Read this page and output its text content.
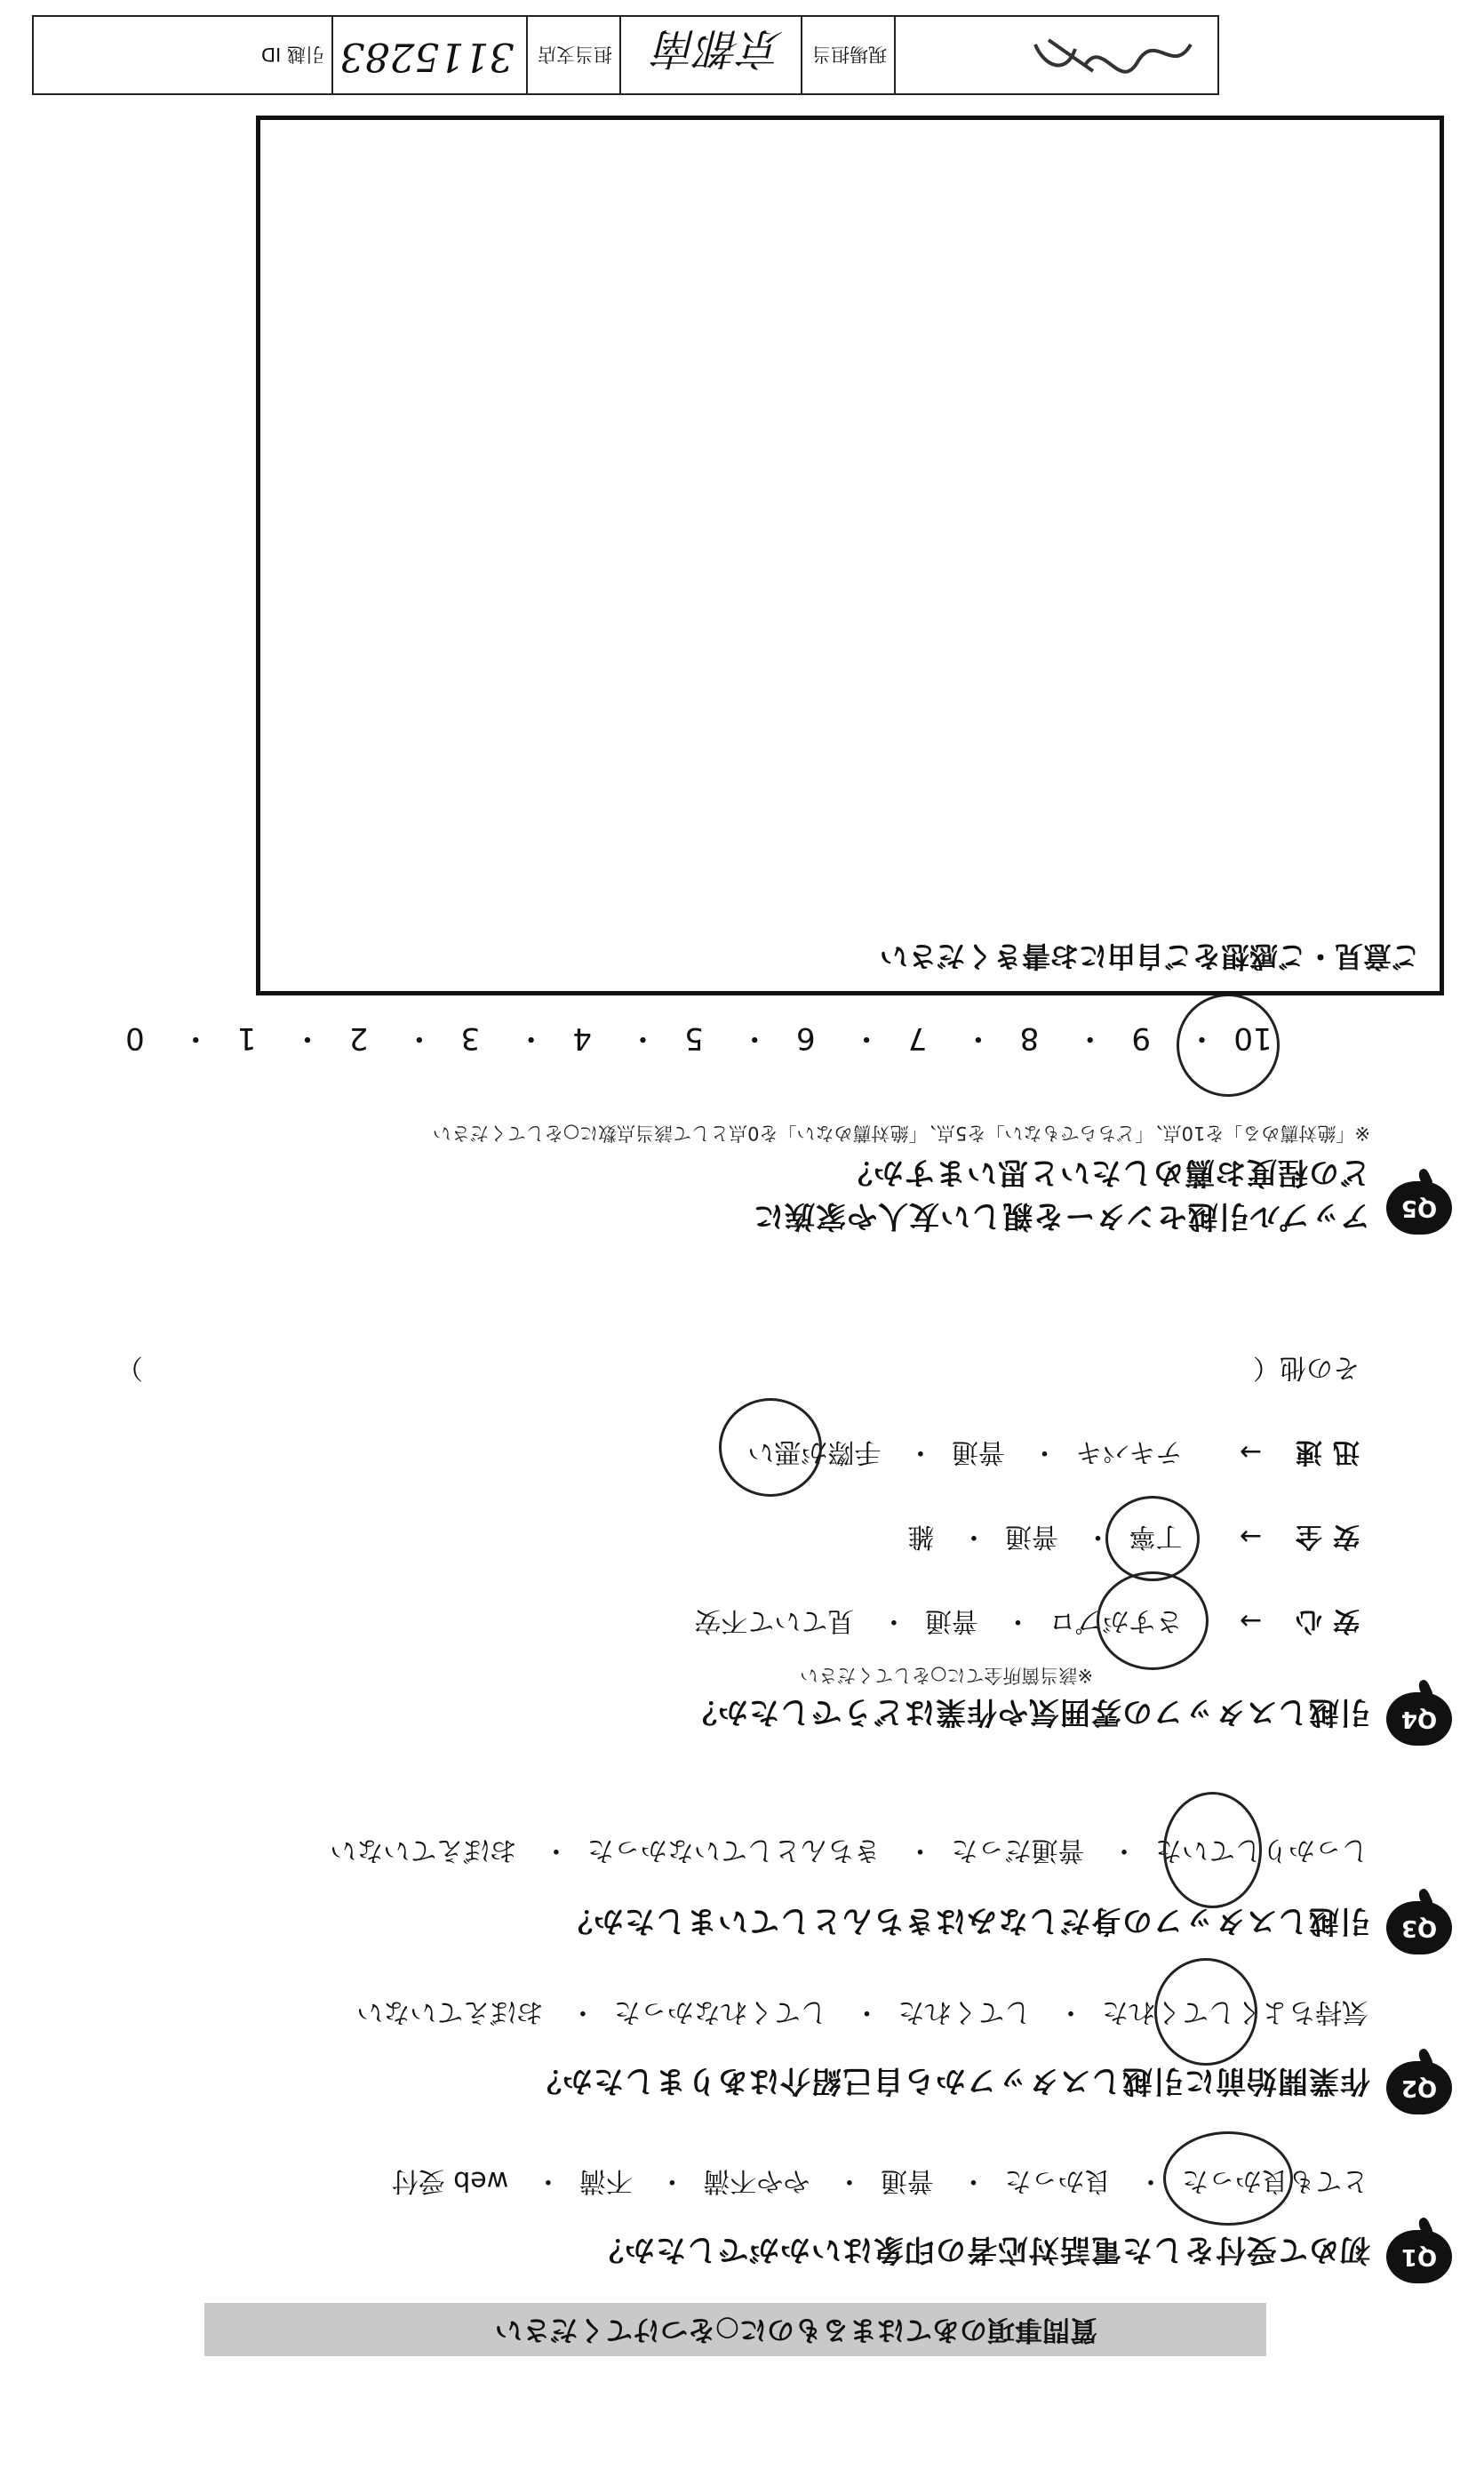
質問事項のあてはまるものに○をつけてください
Q1
初めて受付をした電話対応者の印象はいかがでしたか？
とても良かった・ 良かった・ 普通・ やや不満・ 不満・ web 受付
Q2
作業開始前に引越しスタッフから自己紹介はありましたか？
気持ちよくしてくれた・ してくれた・ してくれなかった・ おぼえていない
Q3
引越しスタッフの身だしなみはきちんとしていましたか？
しっかりしていた・ 普通だった・ きちんとしていなかった・ おぼえていない
Q4
引越しスタッフの雰囲気や作業はどうでしたか？
※該当箇所全てに○をしてください
安心→ さすがプロ・ 普通・ 見ていて不安
安全→ 丁寧・ 普通・ 雑
迅速→ テキパキ・ 普通・ 手際が悪い
その他（  ）
Q5
アップル引越センターを親しい友人や家族に
どの程度お薦めしたいと思いますか？
※「絶対薦める」を10点、「どちらでもない」を5点、「絶対薦めない」を0点として該当点数に○をしてください
10・ 9・ 8・ 7・ 6・ 5・ 4・ 3・ 2・ 1・ 0
ご意見・ご感想をご自由にお書きください
現場担当
京都南
担当支店
3115283
引越 ID
